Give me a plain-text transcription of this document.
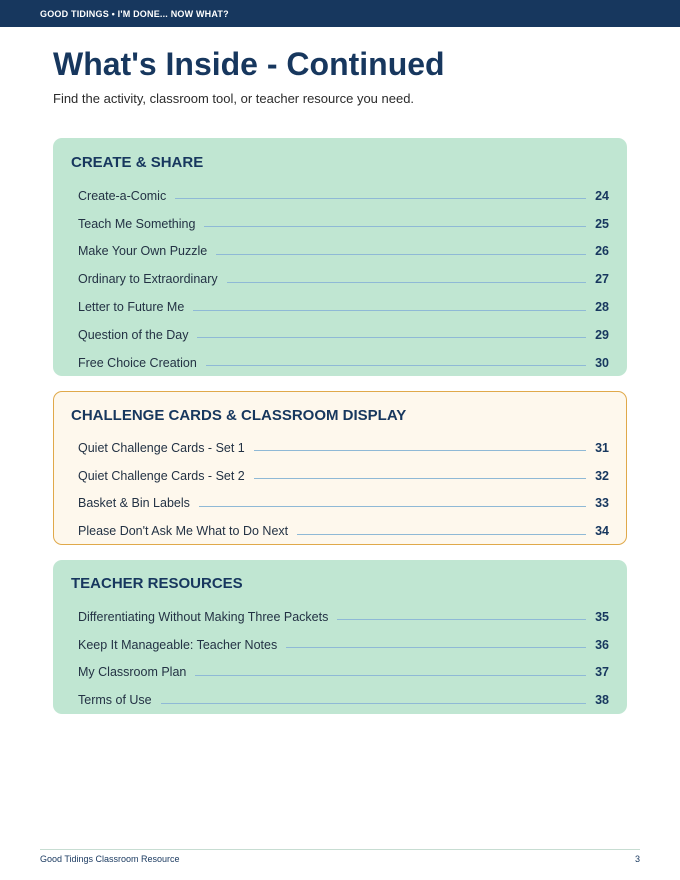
GOOD TIDINGS • I'M DONE... NOW WHAT?
What's Inside - Continued
Find the activity, classroom tool, or teacher resource you need.
CREATE & SHARE
Create-a-Comic	24
Teach Me Something	25
Make Your Own Puzzle	26
Ordinary to Extraordinary	27
Letter to Future Me	28
Question of the Day	29
Free Choice Creation	30
CHALLENGE CARDS & CLASSROOM DISPLAY
Quiet Challenge Cards - Set 1	31
Quiet Challenge Cards - Set 2	32
Basket & Bin Labels	33
Please Don't Ask Me What to Do Next	34
TEACHER RESOURCES
Differentiating Without Making Three Packets	35
Keep It Manageable: Teacher Notes	36
My Classroom Plan	37
Terms of Use	38
Good Tidings Classroom Resource	3
